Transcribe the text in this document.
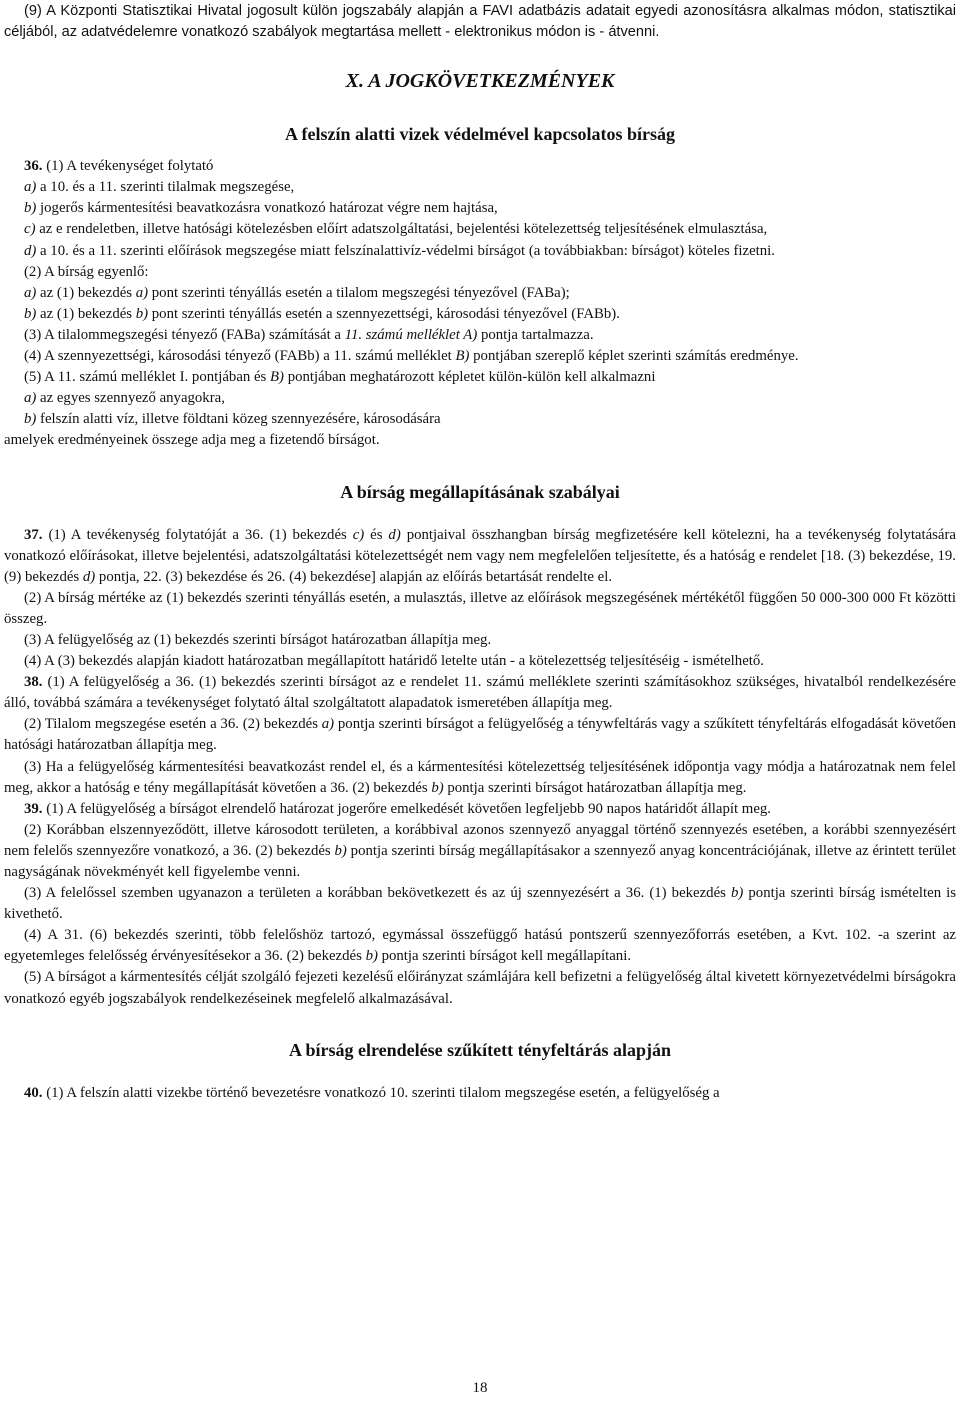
(9) A Központi Statisztikai Hivatal jogosult külön jogszabály alapján a FAVI adatbázis adatait egyedi azonosításra alkalmas módon, statisztikai céljából, az adatvédelemre vonatkozó szabályok megtartása mellett - elektronikus módon is - átvenni.

X. A JOGKÖVETKEZMÉNYEK
A felszín alatti vizek védelmével kapcsolatos bírság

36. (1) A tevékenységet folytató

a) a 10. és a 11. szerinti tilalmak megszegése,

b) jogerős kármentesítési beavatkozásra vonatkozó határozat végre nem hajtása,

c) az e rendeletben, illetve hatósági kötelezésben előírt adatszolgáltatási, bejelentési kötelezettség teljesítésének elmulasztása,

d) a 10. és a 11. szerinti előírások megszegése miatt felszínalattivíz-védelmi bírságot (a továbbiakban: bírságot) köteles fizetni.

(2) A bírság egyenlő:

a) az (1) bekezdés a) pont szerinti tényállás esetén a tilalom megszegési tényezővel (FABa);

b) az (1) bekezdés b) pont szerinti tényállás esetén a szennyezettségi, károsodási tényezővel (FABb).

(3) A tilalommegszegési tényező (FABa) számítását a 11. számú melléklet A) pontja tartalmazza.

(4) A szennyezettségi, károsodási tényező (FABb) a 11. számú melléklet B) pontjában szereplő képlet szerinti számítás eredménye.

(5) A 11. számú melléklet I. pontjában és B) pontjában meghatározott képletet külön-külön kell alkalmazni

a) az egyes szennyező anyagokra,

b) felszín alatti víz, illetve földtani közeg szennyezésére, károsodására

amelyek eredményeinek összege adja meg a fizetendő bírságot.

A bírság megállapításának szabályai

37. (1) A tevékenység folytatóját a 36. (1) bekezdés c) és d) pontjaival összhangban bírság megfizetésére kell kötelezni, ha a tevékenység folytatására vonatkozó előírásokat, illetve bejelentési, adatszolgáltatási kötelezettségét nem vagy nem megfelelően teljesítette, és a hatóság e rendelet [18. (3) bekezdése, 19. (9) bekezdés d) pontja, 22. (3) bekezdése és 26. (4) bekezdése] alapján az előírás betartását rendelte el.

(2) A bírság mértéke az (1) bekezdés szerinti tényállás esetén, a mulasztás, illetve az előírások megszegésének mértékétől függően 50 000-300 000 Ft közötti összeg.

(3) A felügyelőség az (1) bekezdés szerinti bírságot határozatban állapítja meg.

(4) A (3) bekezdés alapján kiadott határozatban megállapított határidő letelte után - a kötelezettség teljesítéséig - ismételhető.

38. (1) A felügyelőség a 36. (1) bekezdés szerinti bírságot az e rendelet 11. számú melléklete szerinti számításokhoz szükséges, hivatalból rendelkezésére álló, továbbá számára a tevékenységet folytató által szolgáltatott alapadatok ismeretében állapítja meg.

(2) Tilalom megszegése esetén a 36. (2) bekezdés a) pontja szerinti bírságot a felügyelőség a ténywfeltárás vagy a szűkített tényfeltárás elfogadását követően hatósági határozatban állapítja meg.

(3) Ha a felügyelőség kármentesítési beavatkozást rendel el, és a kármentesítési kötelezettség teljesítésének időpontja vagy módja a határozatnak nem felel meg, akkor a hatóság e tény megállapítását követően a 36. (2) bekezdés b) pontja szerinti bírságot határozatban állapítja meg.

39. (1) A felügyelőség a bírságot elrendelő határozat jogerőre emelkedését követően legfeljebb 90 napos határidőt állapít meg.

(2) Korábban elszennyeződött, illetve károsodott területen, a korábbival azonos szennyező anyaggal történő szennyezés esetében, a korábbi szennyezésért nem felelős szennyezőre vonatkozó, a 36. (2) bekezdés b) pontja szerinti bírság megállapításakor a szennyező anyag koncentrációjának, illetve az érintett terület nagyságának növekményét kell figyelembe venni.

(3) A felelőssel szemben ugyanazon a területen a korábban bekövetkezett és az új szennyezésért a 36. (1) bekezdés b) pontja szerinti bírság ismételten is kivethető.

(4) A 31. (6) bekezdés szerinti, több felelőshöz tartozó, egymással összefüggő hatású pontszerű szennyezőforrás esetében, a Kvt. 102. -a szerint az egyetemleges felelősség érvényesítésekor a 36. (2) bekezdés b) pontja szerinti bírságot kell megállapítani.

(5) A bírságot a kármentesítés célját szolgáló fejezeti kezelésű előirányzat számlájára kell befizetni a felügyelőség által kivetett környezetvédelmi bírságokra vonatkozó egyéb jogszabályok rendelkezéseinek megfelelő alkalmazásával.

A bírság elrendelése szűkített tényfeltárás alapján

40. (1) A felszín alatti vizekbe történő bevezetésre vonatkozó 10. szerinti tilalom megszegése esetén, a felügyelőség a

18
